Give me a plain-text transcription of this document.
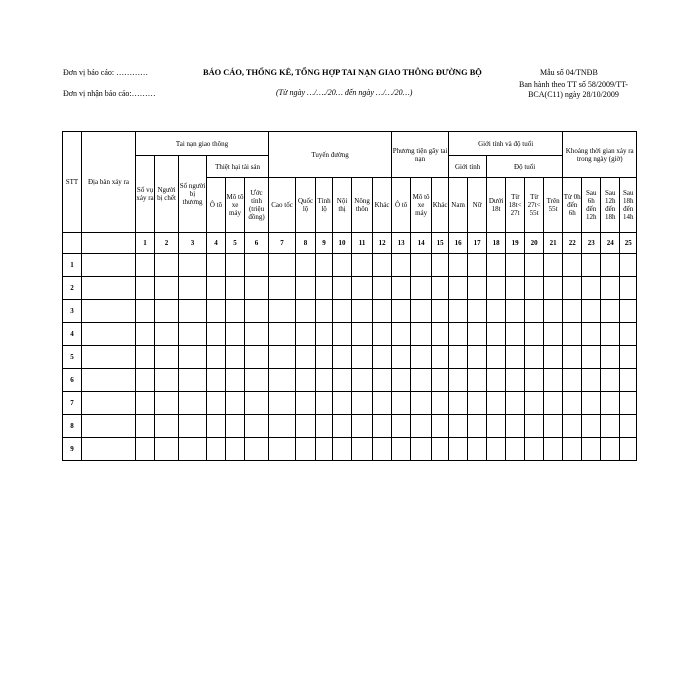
Đơn vị báo cáo: …………
Đơn vị nhận báo cáo:………
BÁO CÁO, THỐNG KÊ, TỔNG HỢP TAI NẠN GIAO THÔNG ĐƯỜNG BỘ
(Từ ngày …/…./20… đến ngày …/…/20…)
Mẫu số 04/TNĐB
Ban hành theo TT số 58/2009/TT-BCA(C11) ngày 28/10/2009
STT	Địa bàn xảy ra	Tai nạn giao thông						Tuyến đường						Phương tiện gây tai nạn			Giới tính và độ tuổi						Khoảng thời gian xảy ra trong ngày (giờ)			
		Số vụ xảy ra	Người bị chết	Số người bị thương	Thiệt hại tài sản												Giới tính		Độ tuổi							
					Ô tô	Mô tô xe máy	Ước tính (triệu đồng)	Cao tốc	Quốc lộ	Tỉnh lộ	Nội thị	Nông thôn	Khác	Ô tô	Mô tô xe máy	Khác	Nam	Nữ	Dưới 18t	Từ 18t< 27t	Từ 27t< 55t	Trên 55t	Từ 0h đến 6h	Sau 6h đến 12h	Sau 12h đến 18h	Sau 18h đến 14h
		1	2	3	4	5	6	7	8	9	10	11	12	13	14	15	16	17	18	19	20	21	22	23	24	25
1																										
2																										
3																										
4																										
5																										
6																										
7																										
8																										
9																										
